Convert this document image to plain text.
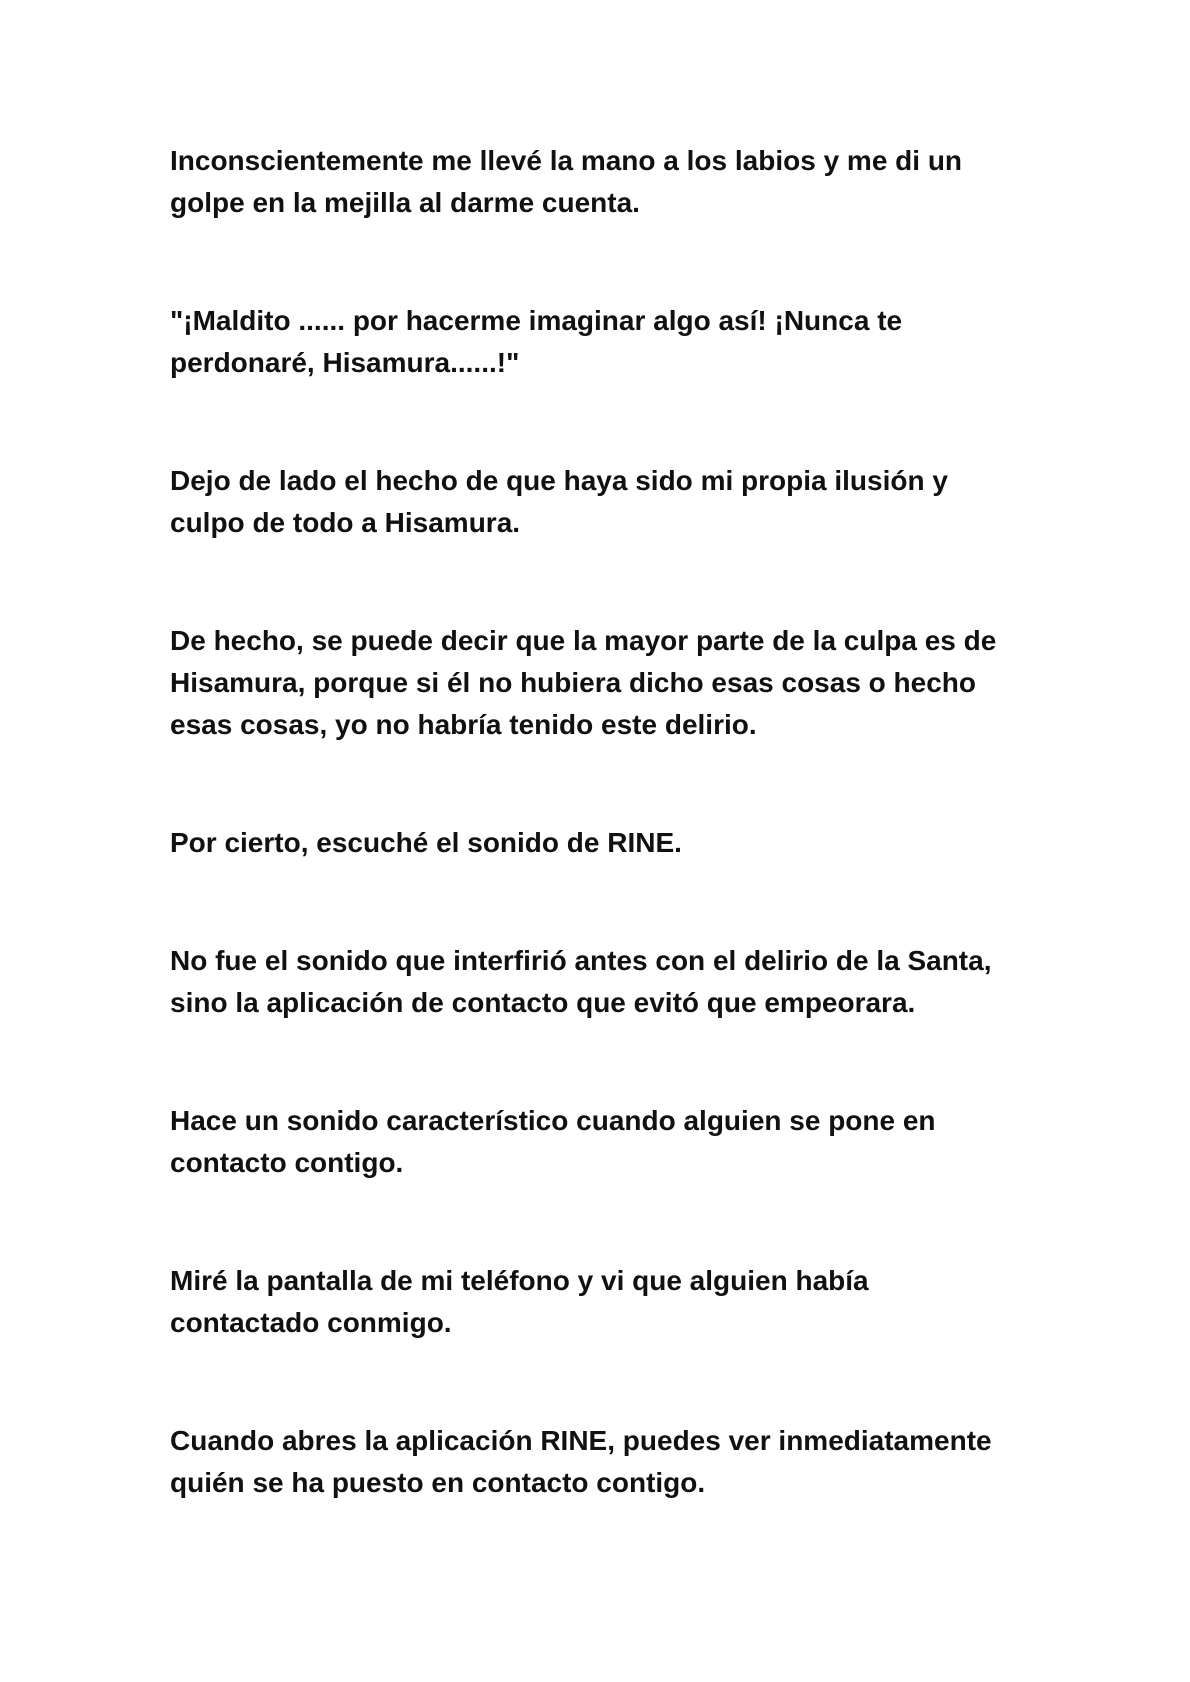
Inconscientemente me llevé la mano a los labios y me di un
golpe en la mejilla al darme cuenta.

"¡Maldito ...... por hacerme imaginar algo así! ¡Nunca te
perdonaré, Hisamura......!"

Dejo de lado el hecho de que haya sido mi propia ilusión y
culpo de todo a Hisamura.

De hecho, se puede decir que la mayor parte de la culpa es de
Hisamura, porque si él no hubiera dicho esas cosas o hecho
esas cosas, yo no habría tenido este delirio.

Por cierto, escuché el sonido de RINE.

No fue el sonido que interfirió antes con el delirio de la Santa,
sino la aplicación de contacto que evitó que empeorara.

Hace un sonido característico cuando alguien se pone en
contacto contigo.

Miré la pantalla de mi teléfono y vi que alguien había
contactado conmigo.

Cuando abres la aplicación RINE, puedes ver inmediatamente
quién se ha puesto en contacto contigo.
